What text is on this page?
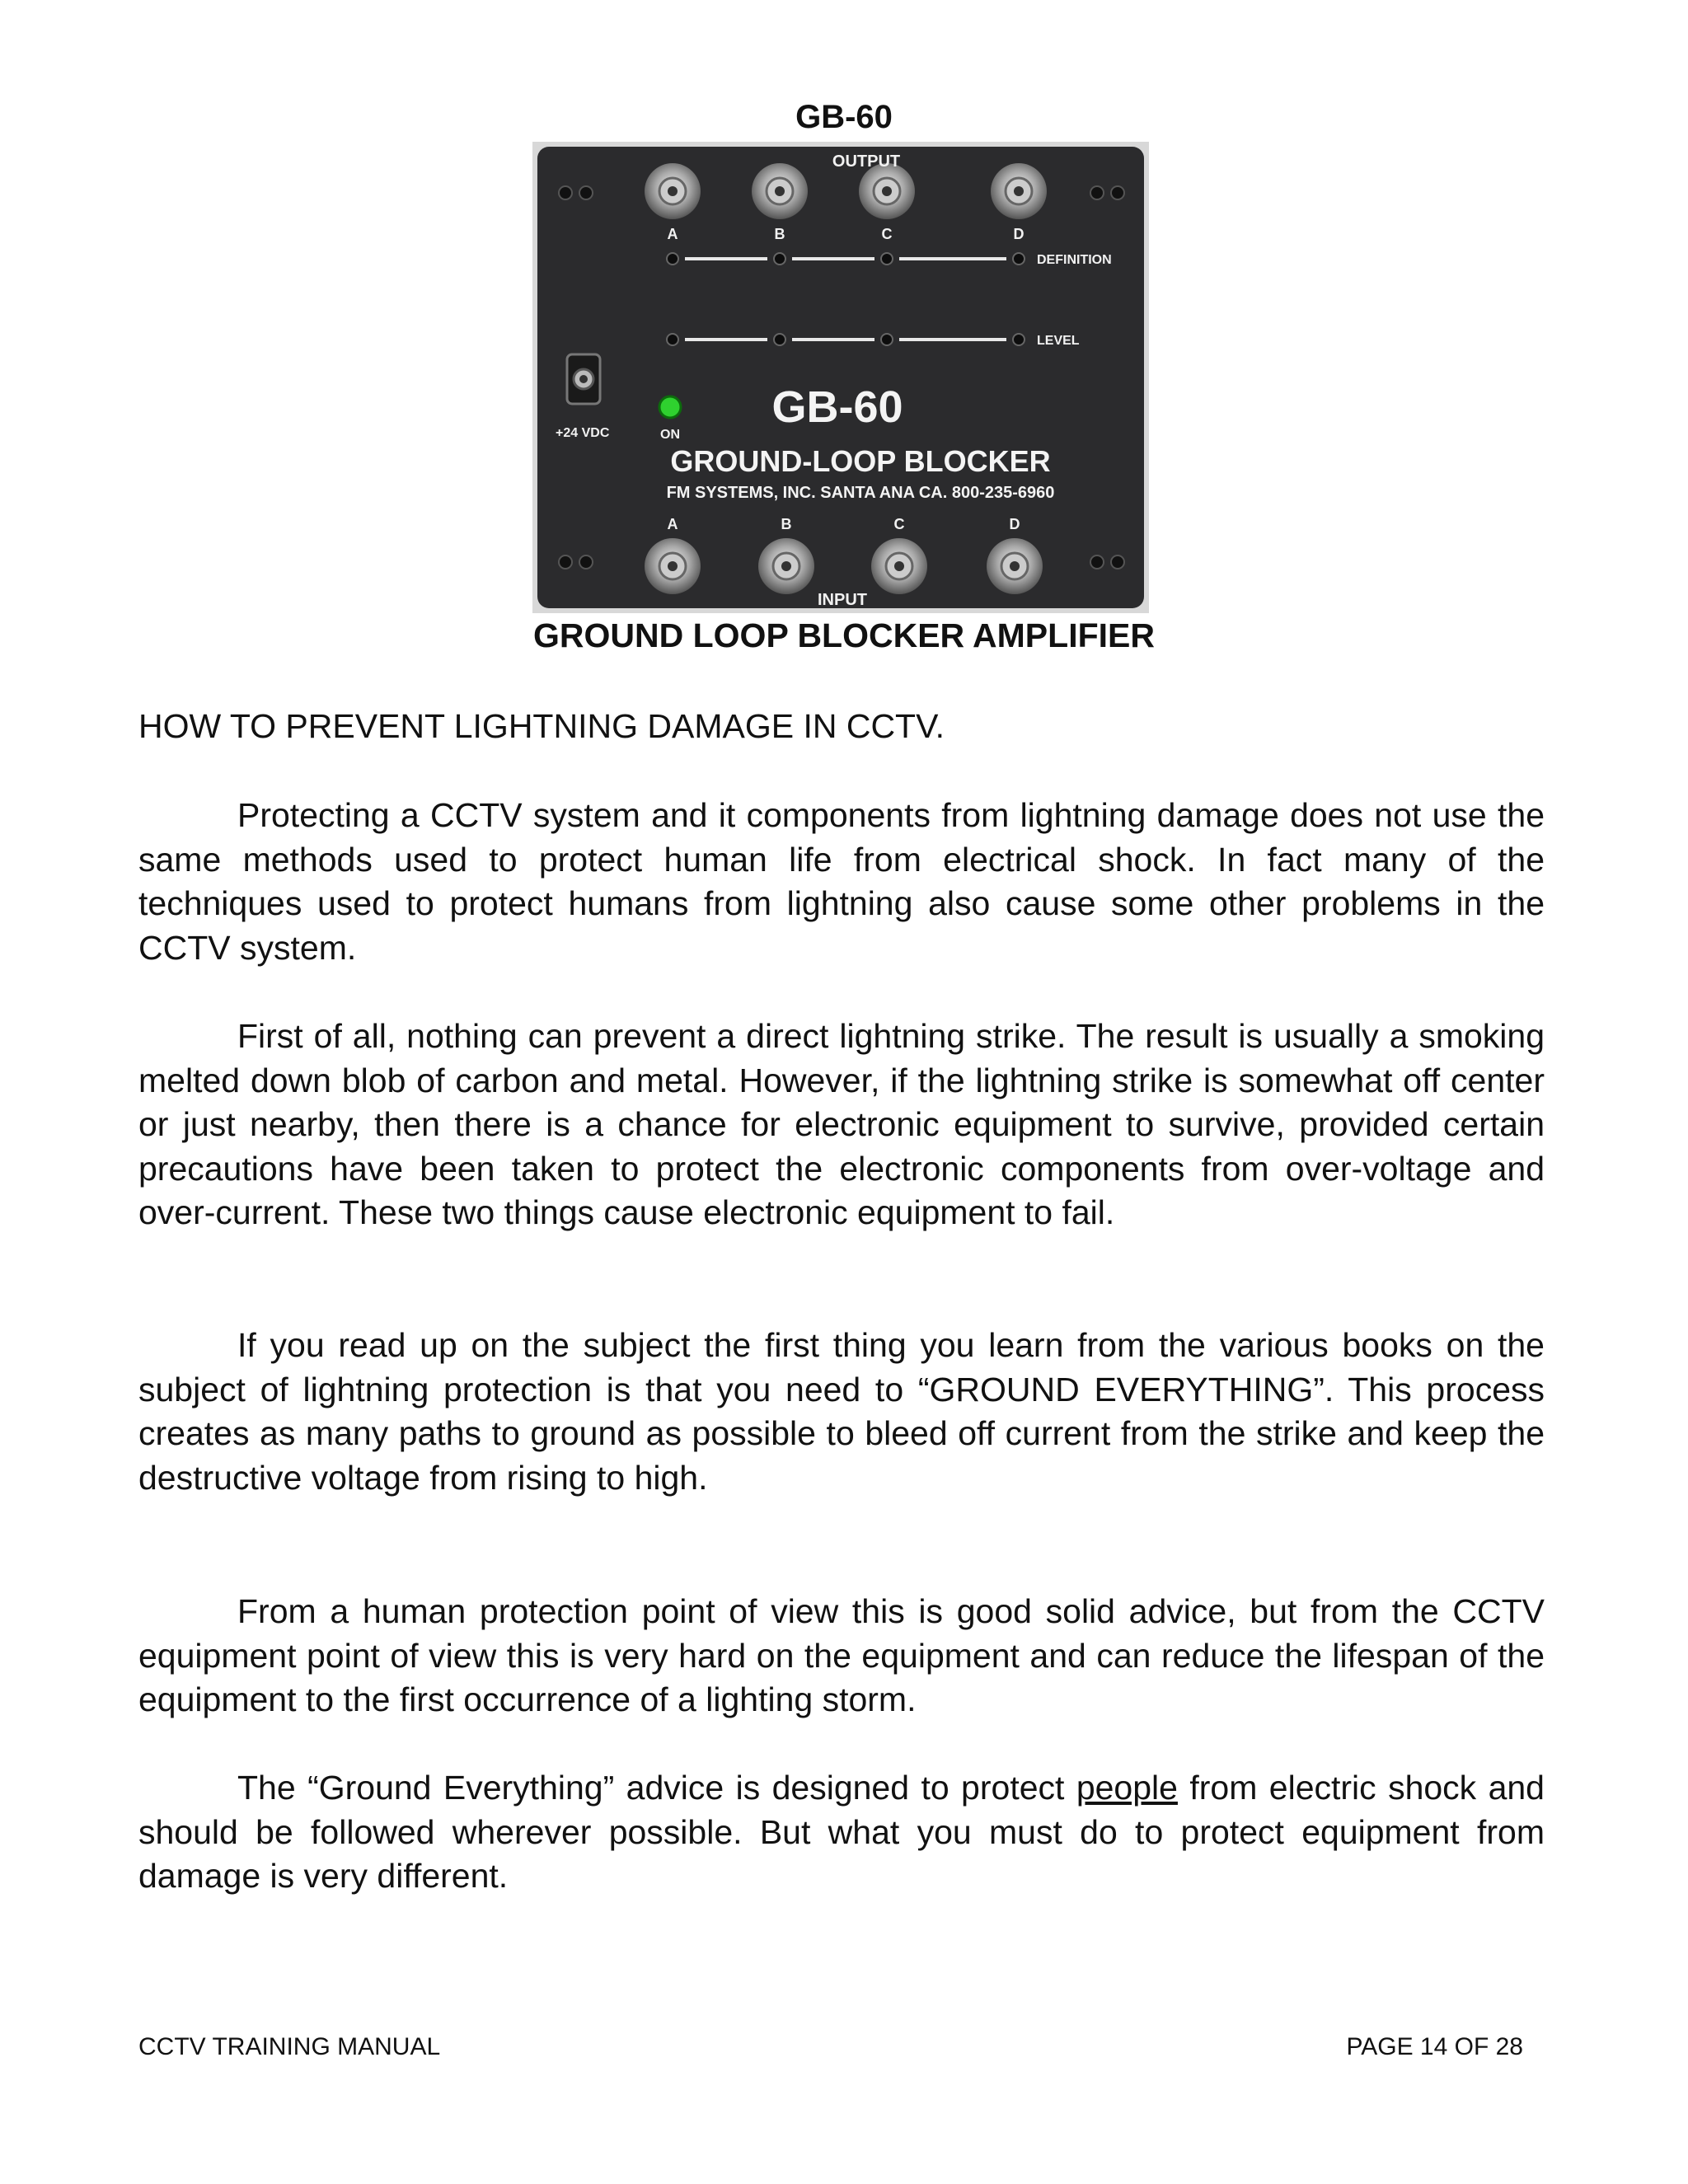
GB-60
OUTPUT
A	B	C	D
DEFINITION
LEVEL
+24 VDC	ON
GB-60
GROUND-LOOP BLOCKER
FM SYSTEMS, INC. SANTA ANA CA. 800-235-6960
A	B	C	D
INPUT
GROUND LOOP BLOCKER AMPLIFIER
HOW TO PREVENT LIGHTNING DAMAGE IN CCTV.

Protecting a CCTV system and it components from lightning damage does not use the same methods used to protect human life from electrical shock. In fact many of the techniques used to protect humans from lightning also cause some other problems in the CCTV system.

First of all, nothing can prevent a direct lightning strike. The result is usually a smoking melted down blob of carbon and metal. However, if the lightning strike is somewhat off center or just nearby, then there is a chance for electronic equipment to survive, provided certain precautions have been taken to protect the electronic components from over-voltage and over-current. These two things cause electronic equipment to fail.

If you read up on the subject the first thing you learn from the various books on the subject of lightning protection is that you need to “GROUND EVERYTHING”. This process creates as many paths to ground as possible to bleed off current from the strike and keep the destructive voltage from rising to high.

From a human protection point of view this is good solid advice, but from the CCTV equipment point of view this is very hard on the equipment and can reduce the lifespan of the equipment to the first occurrence of a lighting storm.

The “Ground Everything” advice is designed to protect people from electric shock and should be followed wherever possible. But what you must do to protect equipment from damage is very different.

CCTV TRAINING MANUAL	PAGE 14 OF 28
